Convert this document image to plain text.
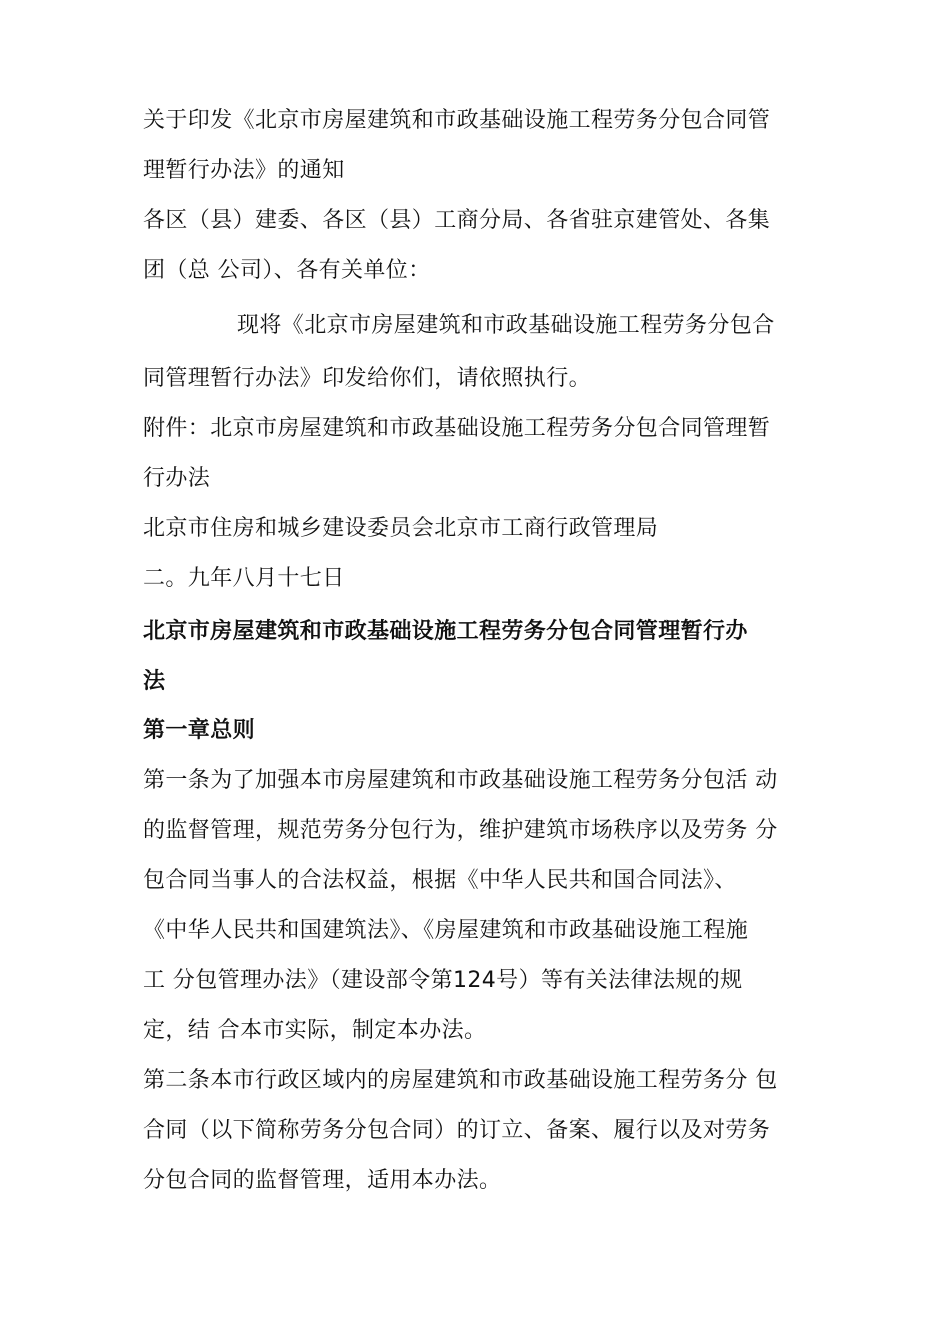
关于印发《北京市房屋建筑和市政基础设施工程劳务分包合同管
理暂行办法》的通知
各区（县）建委、各区（县）工商分局、各省驻京建管处、各集
团（总 公司）、各有关单位：
现将《北京市房屋建筑和市政基础设施工程劳务分包合
同管理暂行办法》印发给你们，请依照执行。
附件：北京市房屋建筑和市政基础设施工程劳务分包合同管理暂
行办法
北京市住房和城乡建设委员会北京市工商行政管理局
二。九年八月十七日
北京市房屋建筑和市政基础设施工程劳务分包合同管理暂行办
法
第一章总则
第一条为了加强本市房屋建筑和市政基础设施工程劳务分包活 动
的监督管理，规范劳务分包行为，维护建筑市场秩序以及劳务 分
包合同当事人的合法权益，根据《中华人民共和国合同法》、
《中华人民共和国建筑法》、《房屋建筑和市政基础设施工程施
工 分包管理办法》（建设部令第124号）等有关法律法规的规
定，结 合本市实际，制定本办法。
第二条本市行政区域内的房屋建筑和市政基础设施工程劳务分 包
合同（以下简称劳务分包合同）的订立、备案、履行以及对劳务
分包合同的监督管理，适用本办法。
